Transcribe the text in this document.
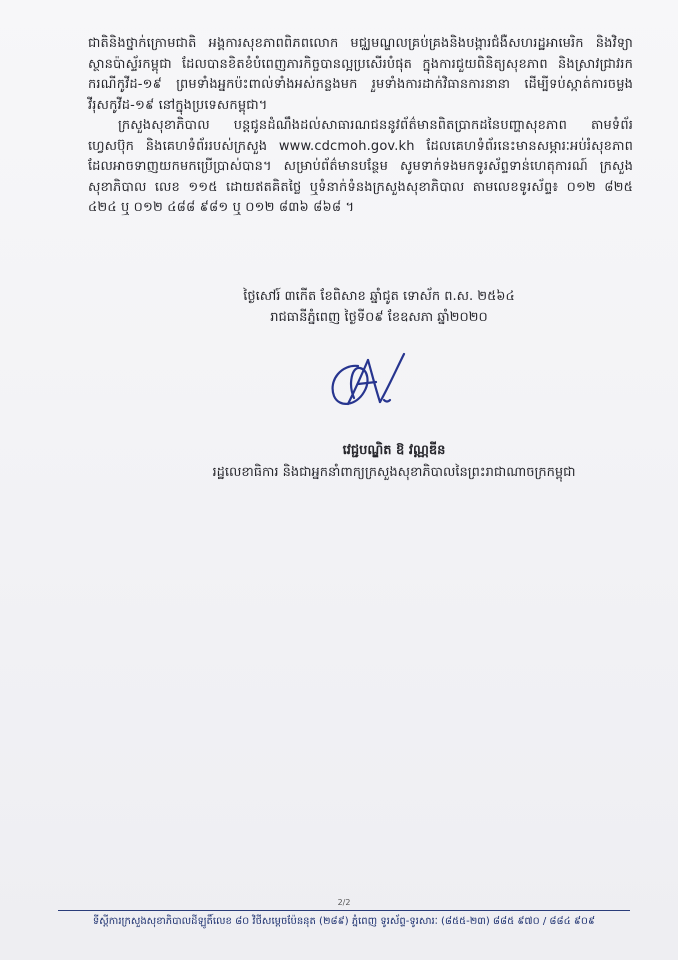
ជាតិនិងថ្នាក់ក្រោមជាតិ អង្គការសុខភាពពិភពលោក មជ្ឈមណ្ឌលគ្រប់គ្រងនិងបង្ការជំងឺសហរដ្ឋអាមេរិក និងវិទ្យាស្ថានប៉ាស្ទ័រកម្ពុជា ដែលបានខិតខំបំពេញភារកិច្ចបានល្អប្រសើរបំផុត ក្នុងការជួយពិនិត្យសុខភាព និងស្រាវជ្រាវរកករណីកូវីដ-១៩ ព្រមទាំងអ្នកប៉ះពាល់ទាំងអស់កន្លងមក រួមទាំងការដាក់វិធានការនានា ដើម្បីទប់ស្កាត់ការចម្លងវីរុសកូវីដ-១៩ នៅក្នុងប្រទេសកម្ពុជា។

ក្រសួងសុខាភិបាល បន្តជូនដំណឹងដល់សាធារណជននូវព័ត៌មានពិតប្រាកដនៃបញ្ហាសុខភាព តាមទំព័រហ្វេសប៊ុក និងគេហទំព័ររបស់ក្រសួង www.cdcmoh.gov.kh ដែលគេហទំព័រនេះមានសម្ភារៈអប់រំសុខភាពដែលអាចទាញយកមកប្រើប្រាស់បាន។ សម្រាប់ព័ត៌មានបន្ថែម សូមទាក់ទងមកទូរស័ព្ទទាន់ហេតុការណ៍ ក្រសួងសុខាភិបាល លេខ ១១៥ ដោយឥតគិតថ្លៃ ឬទំនាក់ទំនងក្រសួងសុខាភិបាល តាមលេខទូរស័ព្ទ៖ ០១២ ៨២៥ ៤២៤ ឬ ០១២ ៤៨៨ ៩៨១ ឬ ០១២ ៨៣៦ ៨៦៨ ។

ថ្ងៃសៅរ៍ ៣កើត ខែពិសាខ ឆ្នាំជូត ទោស័ក ព.ស. ២៥៦៤
រាជធានីភ្នំពេញ ថ្ងៃទី០៩ ខែឧសភា ឆ្នាំ២០២០
វេជ្ជបណ្ឌិត ឱ វណ្ណឌីន
រដ្ឋលេខាធិការ និងជាអ្នកនាំពាក្យក្រសួងសុខាភិបាលនៃព្រះរាជាណាចក្រកម្ពុជា
2/2
ទីស្តីការក្រសួងសុខាភិបាលដីឡូតិ៍លេខ ៨០ វិថីសម្តេចប៉ែននុត (២៨៩) ភ្នំពេញ ទូរស័ព្ទ-ទូរសារៈ (៨៥៥-២៣) ៨៨៥ ៩៧០ / ៨៨៤ ៩០៩
